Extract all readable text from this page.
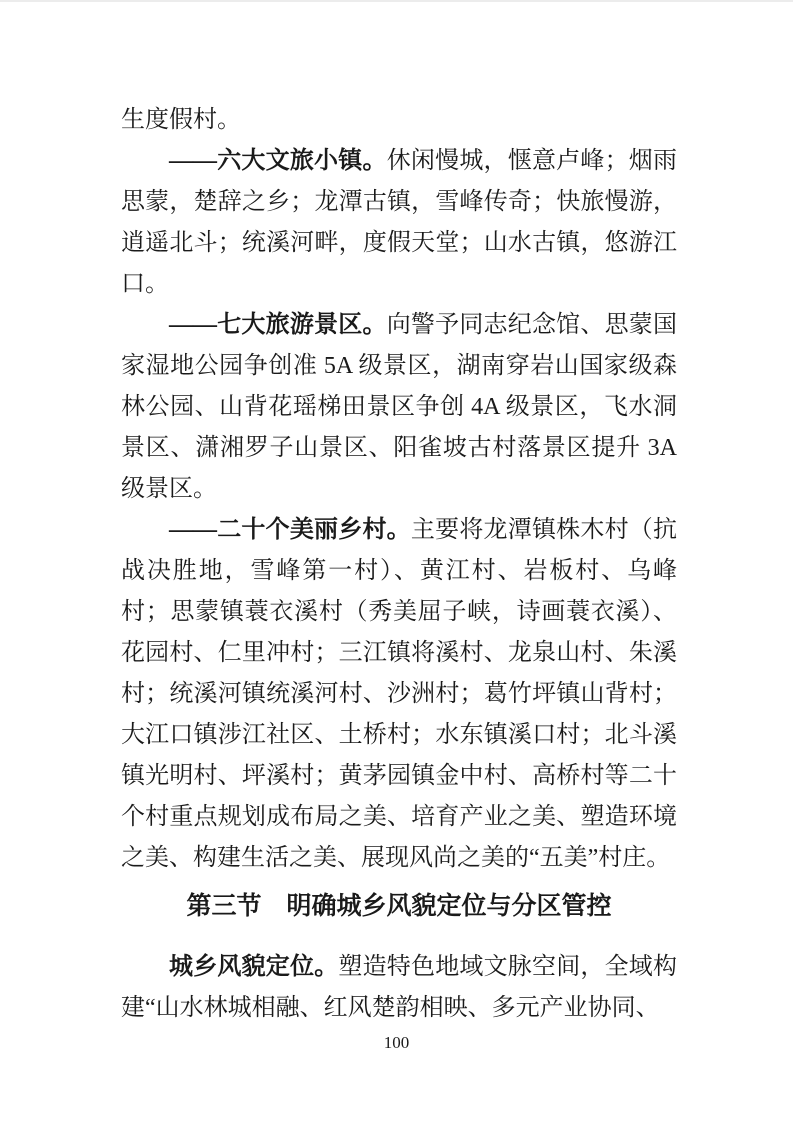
生度假村。

——六大文旅小镇。休闲慢城，惬意卢峰；烟雨思蒙，楚辞之乡；龙潭古镇，雪峰传奇；快旅慢游，逍遥北斗；统溪河畔，度假天堂；山水古镇，悠游江口。

——七大旅游景区。向警予同志纪念馆、思蒙国家湿地公园争创准 5A 级景区，湖南穿岩山国家级森林公园、山背花瑶梯田景区争创 4A 级景区，飞水洞景区、潇湘罗子山景区、阳雀坡古村落景区提升 3A 级景区。

——二十个美丽乡村。主要将龙潭镇株木村（抗战决胜地，雪峰第一村）、黄江村、岩板村、乌峰村；思蒙镇蓑衣溪村（秀美屈子峡，诗画蓑衣溪）、花园村、仁里冲村；三江镇将溪村、龙泉山村、朱溪村；统溪河镇统溪河村、沙洲村；葛竹坪镇山背村；大江口镇涉江社区、土桥村；水东镇溪口村；北斗溪镇光明村、坪溪村；黄茅园镇金中村、高桥村等二十个村重点规划成布局之美、培育产业之美、塑造环境之美、构建生活之美、展现风尚之美的“五美”村庄。

第三节　明确城乡风貌定位与分区管控

城乡风貌定位。塑造特色地域文脉空间，全域构建“山水林城相融、红风楚韵相映、多元产业协同、

100
